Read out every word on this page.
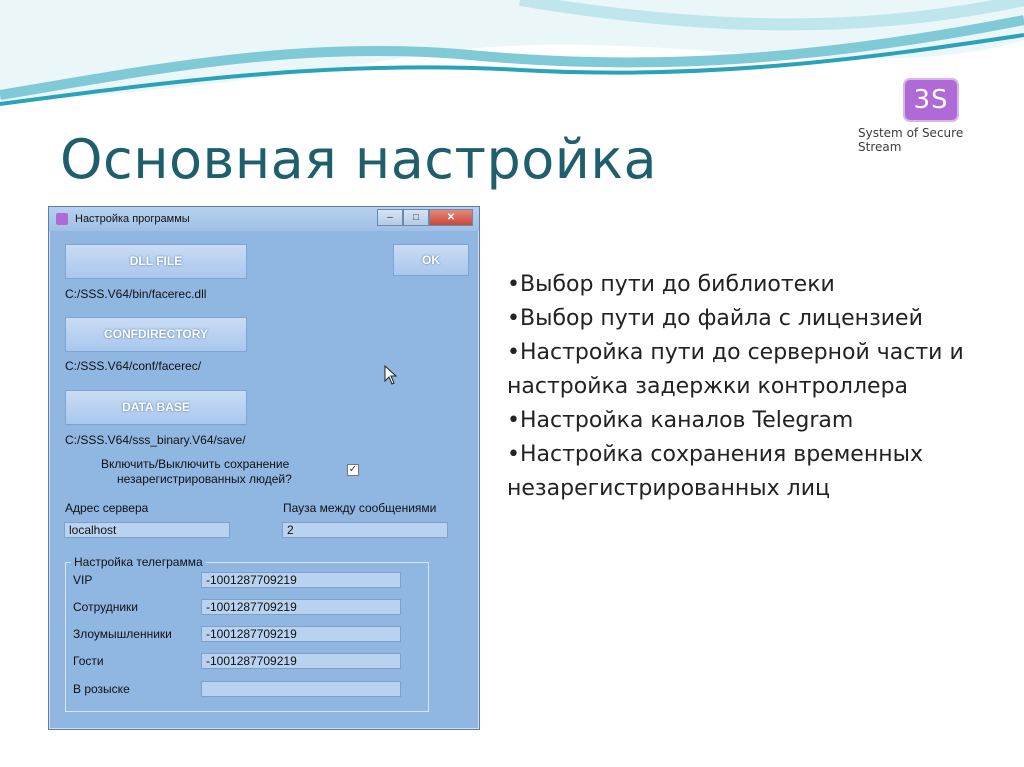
3S
System of Secure Stream
Основная настройка
Настройка программы	–	□	✕
DLL FILE	OK
C:/SSS.V64/bin/facerec.dll
CONFDIRECTORY
C:/SSS.V64/conf/facerec/
DATA BASE
C:/SSS.V64/sss_binary.V64/save/
Включить/Выключить сохранение
незарегистрированных людей?
✓
Адрес сервера
localhost
Пауза между сообщениями
2
Настройка телеграмма
VIP	-1001287709219
Сотрудники	-1001287709219
Злоумышленники	-1001287709219
Гости	-1001287709219
В розыске
•Выбор пути до библиотеки
•Выбор пути до файла с лицензией
•Настройка пути до серверной части и настройка задержки контроллера
•Настройка каналов Telegram
•Настройка сохранения временных незарегистрированных лиц
